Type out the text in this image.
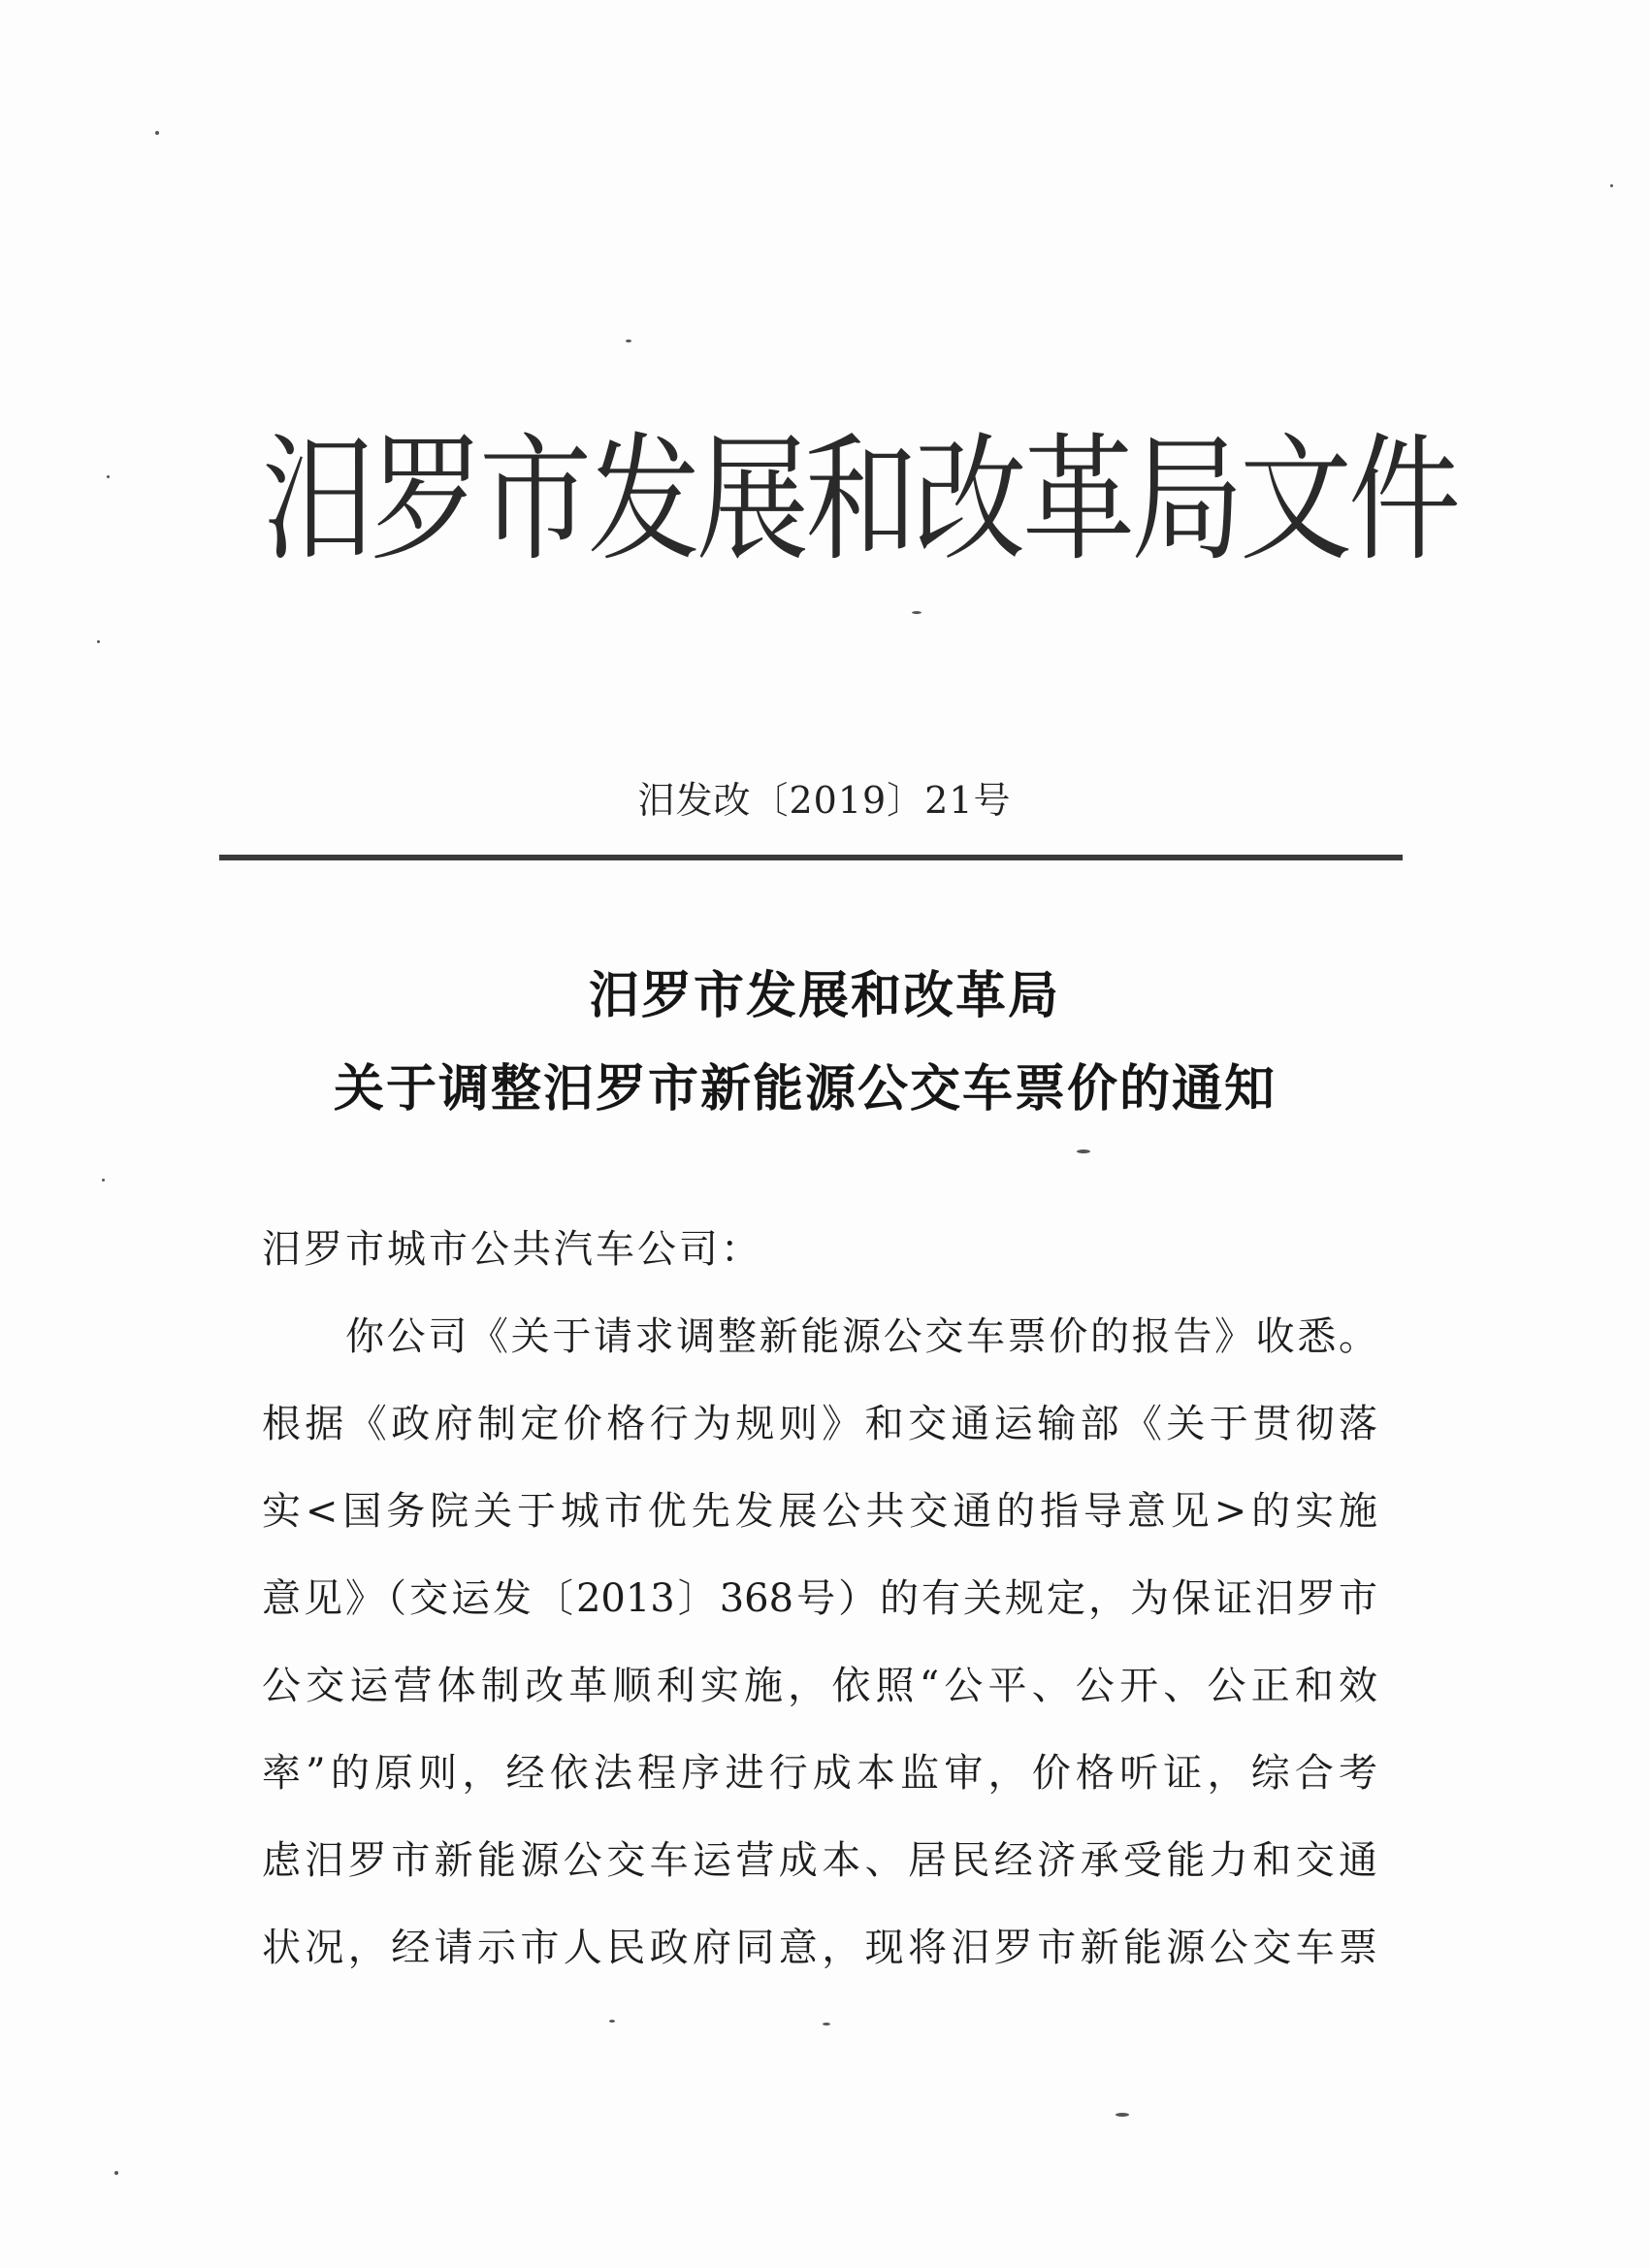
汨罗市发展和改革局文件
汨发改〔2019〕21号
汨罗市发展和改革局
关于调整汨罗市新能源公交车票价的通知
汨罗市城市公共汽车公司：
你公司《关于请求调整新能源公交车票价的报告》收悉。
根据《政府制定价格行为规则》和交通运输部《关于贯彻落
实<国务院关于城市优先发展公共交通的指导意见>的实施
意见》（交运发〔2013〕368号）的有关规定，为保证汨罗市
公交运营体制改革顺利实施，依照“公平、公开、公正和效
率”的原则，经依法程序进行成本监审，价格听证，综合考
虑汨罗市新能源公交车运营成本、居民经济承受能力和交通
状况，经请示市人民政府同意，现将汨罗市新能源公交车票
